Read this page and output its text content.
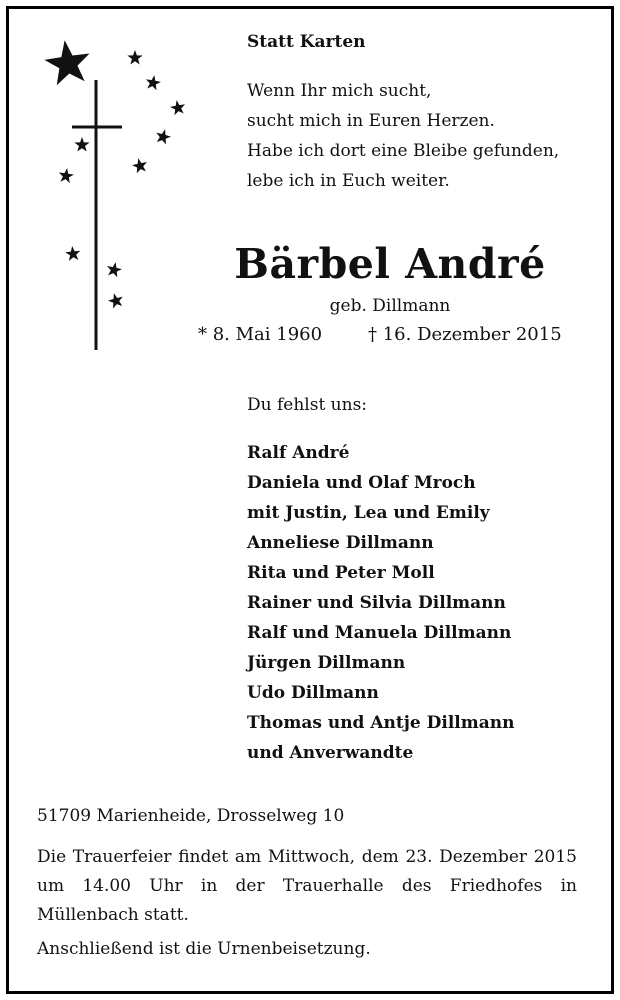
Statt Karten
Wenn Ihr mich sucht,
sucht mich in Euren Herzen.
Habe ich dort eine Bleibe gefunden,
lebe ich in Euch weiter.
Bärbel André
geb. Dillmann
* 8. Mai 1960	† 16. Dezember 2015
Du fehlst uns:
Ralf André
Daniela und Olaf Mroch
mit Justin, Lea und Emily
Anneliese Dillmann
Rita und Peter Moll
Rainer und Silvia Dillmann
Ralf und Manuela Dillmann
Jürgen Dillmann
Udo Dillmann
Thomas und Antje Dillmann
und Anverwandte
51709 Marienheide, Drosselweg 10
Die Trauerfeier findet am Mittwoch, dem 23. Dezember 2015 um 14.00 Uhr in der Trauerhalle des Friedhofes in Müllenbach statt.
Anschließend ist die Urnenbeisetzung.
